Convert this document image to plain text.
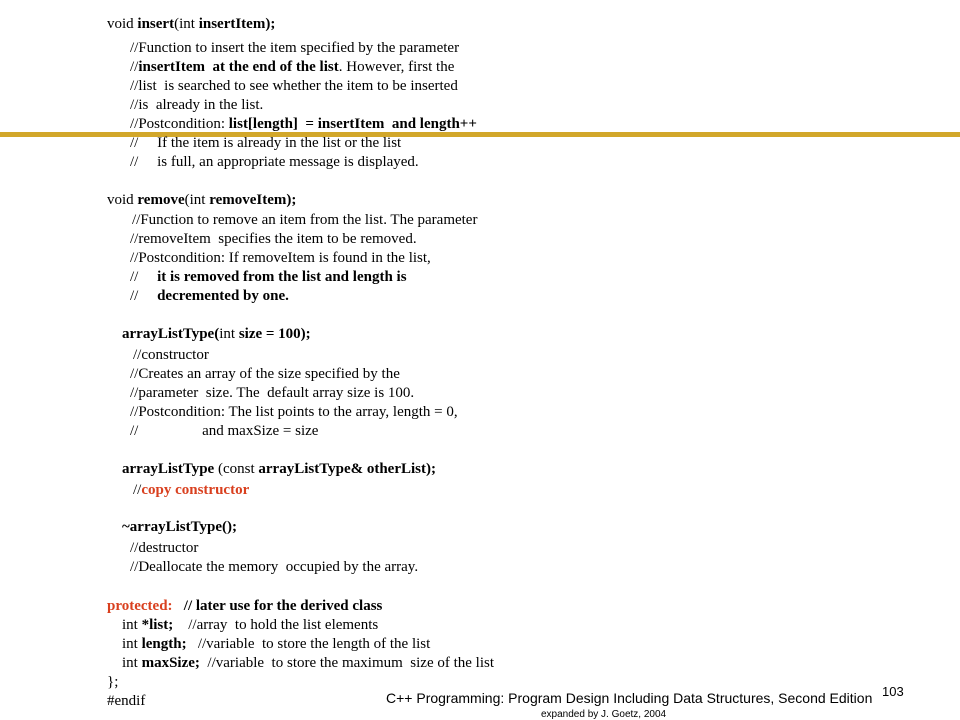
void insert(int insertItem);
//Function to insert the item specified by the parameter
//insertItem  at the end of the list. However, first the
//list  is searched to see whether the item to be inserted
//is  already in the list.
//Postcondition: list[length]  = insertItem  and length++
//     If the item is already in the list or the list
//     is full, an appropriate message is displayed.
void remove(int removeItem);
//Function to remove an item from the list. The parameter
//removeItem  specifies the item to be removed.
//Postcondition: If removeItem is found in the list,
//     it is removed from the list and length is
//     decremented by one.
arrayListType(int size = 100);
//constructor
//Creates an array of the size specified by the
//parameter  size. The  default array size is 100.
//Postcondition: The list points to the array, length = 0,
//                 and maxSize = size
arrayListType (const arrayListType& otherList);
//copy constructor
~arrayListType();
//destructor
//Deallocate the memory  occupied by the array.
protected:   // later use for the derived class
int *list;    //array  to hold the list elements
int length;   //variable  to store the length of the list
int maxSize;  //variable  to store the maximum  size of the list
};
#endif	C++ Programming: Program Design Including Data Structures, Second Edition
expanded by J. Goetz, 2004
103
